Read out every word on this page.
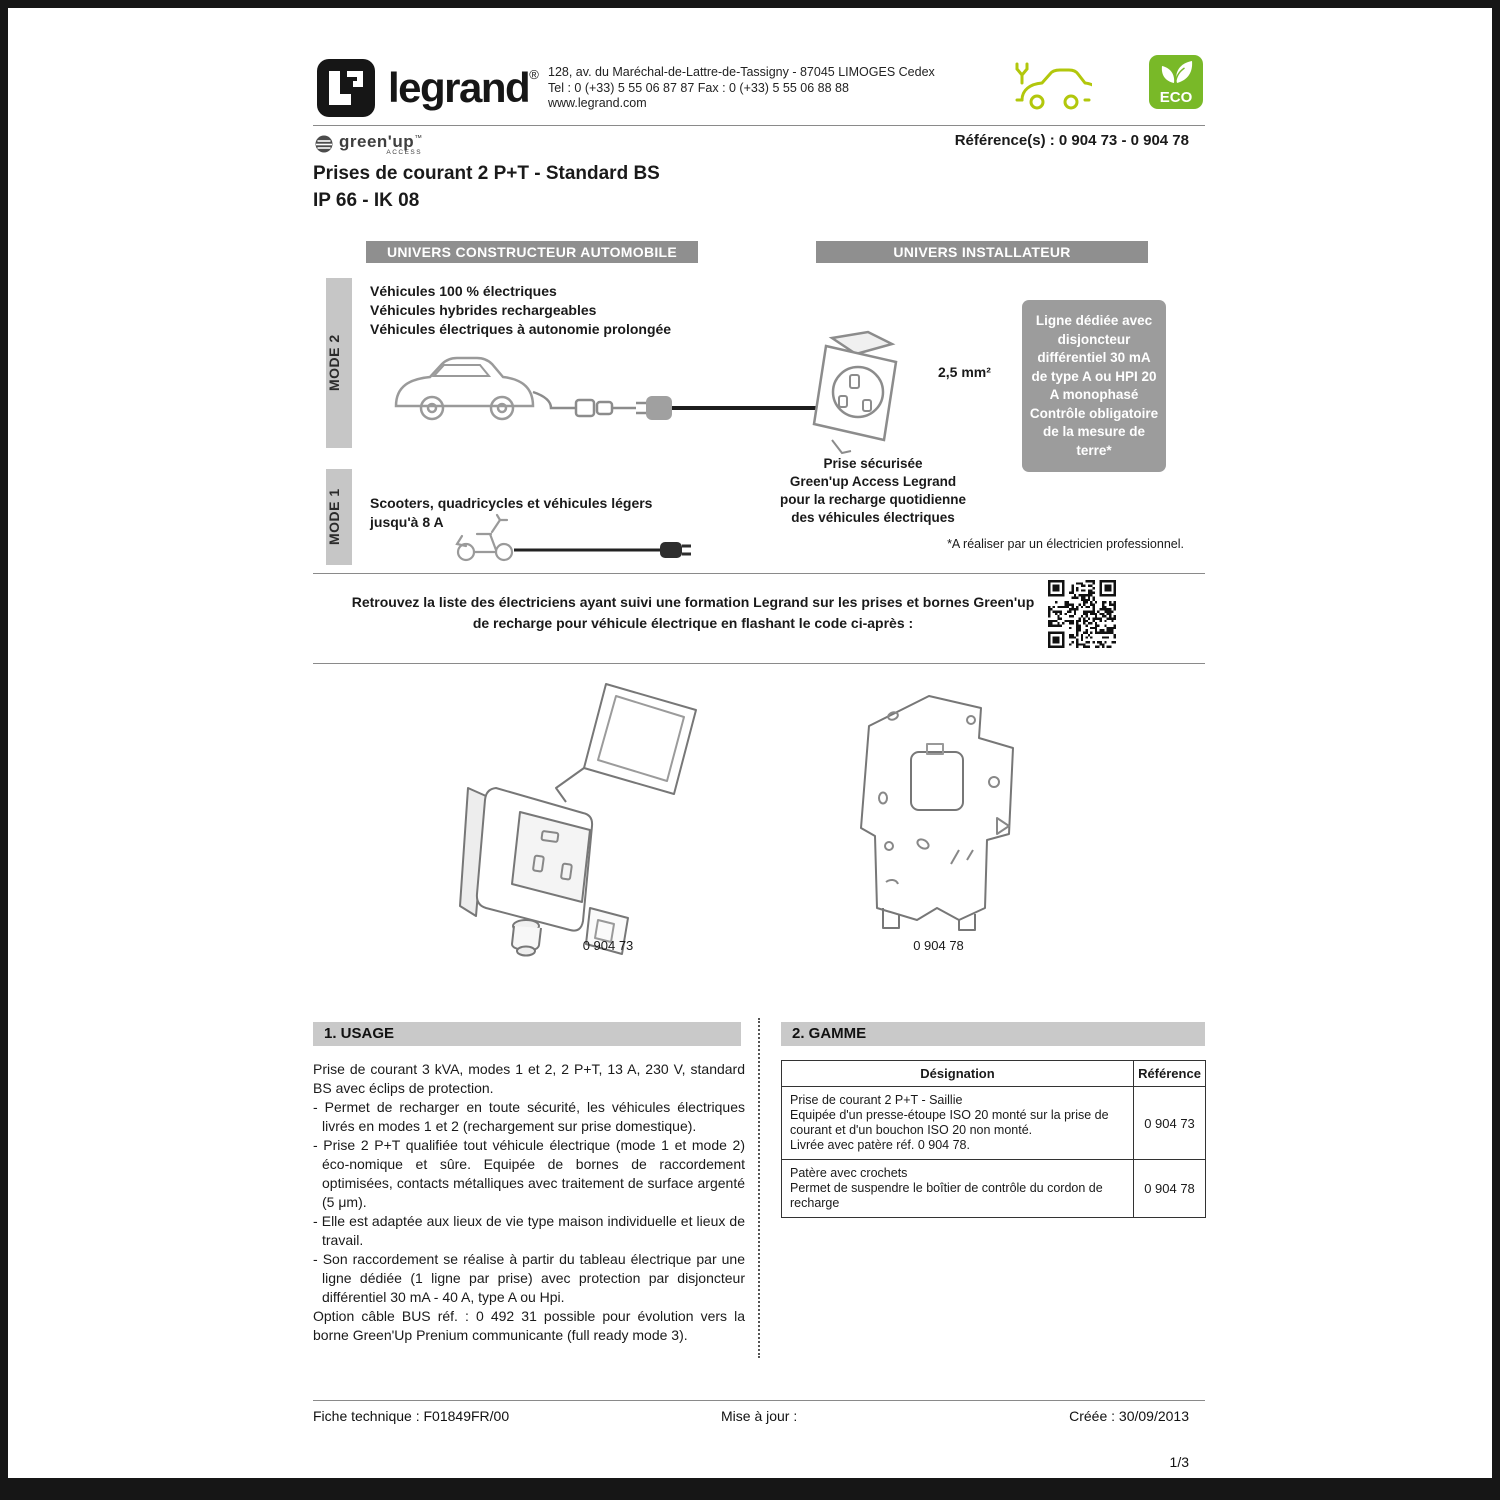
legrand ® 128, av. du Maréchal-de-Lattre-de-Tassigny - 87045 LIMOGES Cedex
Tel : 0 (+33) 5 55 06 87 87 Fax : 0 (+33) 5 55 06 88 88
www.legrand.com	ECO
Référence(s) : 0 904 73 - 0 904 78
green'up™
ACCESS
Prises de courant 2 P+T - Standard BS
IP 66 - IK 08
UNIVERS CONSTRUCTEUR AUTOMOBILE	UNIVERS INSTALLATEUR
MODE 2
Véhicules 100 % électriques
Véhicules hybrides rechargeables
Véhicules électriques à autonomie prolongée
2,5 mm²
Ligne dédiée avec disjoncteur différentiel 30 mA de type A ou HPI 20 A monophasé Contrôle obligatoire de la mesure de terre*
Prise sécurisée
Green'up Access Legrand
pour la recharge quotidienne
des véhicules électriques
MODE 1	Scooters, quadricycles et véhicules légers
jusqu'à 8 A
*A réaliser par un électricien professionnel.
Retrouvez la liste des électriciens ayant suivi une formation Legrand sur les prises et bornes Green'up
de recharge pour véhicule électrique en flashant le code ci-après :
0 904 73	0 904 78
1. USAGE	2. GAMME
Prise de courant 3 kVA, modes 1 et 2, 2 P+T, 13 A, 230 V, standard BS avec éclips de protection.
- Permet de recharger en toute sécurité, les véhicules électriques livrés en modes 1 et 2 (rechargement sur prise domestique).
- Prise 2 P+T qualifiée tout véhicule électrique (mode 1 et mode 2) éco-nomique et sûre. Equipée de bornes de raccordement optimisées, contacts métalliques avec traitement de surface argenté (5 μm).
- Elle est adaptée aux lieux de vie type maison individuelle et lieux de travail.
- Son raccordement se réalise à partir du tableau électrique par une ligne dédiée (1 ligne par prise) avec protection par disjoncteur différentiel 30 mA - 40 A, type A ou Hpi.
Option câble BUS réf. : 0 492 31 possible pour évolution vers la borne Green'Up Prenium communicante (full ready mode 3).
Désignation	Référence

Prise de courant 2 P+T - Saillie
Equipée d'un presse-étoupe ISO 20 monté sur la prise de courant et d'un bouchon ISO 20 non monté.
Livrée avec patère réf. 0 904 78.	0 904 73

Patère avec crochets
Permet de suspendre le boîtier de contrôle du cordon de recharge	0 904 78
Fiche technique : F01849FR/00	Mise à jour :	Créée : 30/09/2013
1/3
